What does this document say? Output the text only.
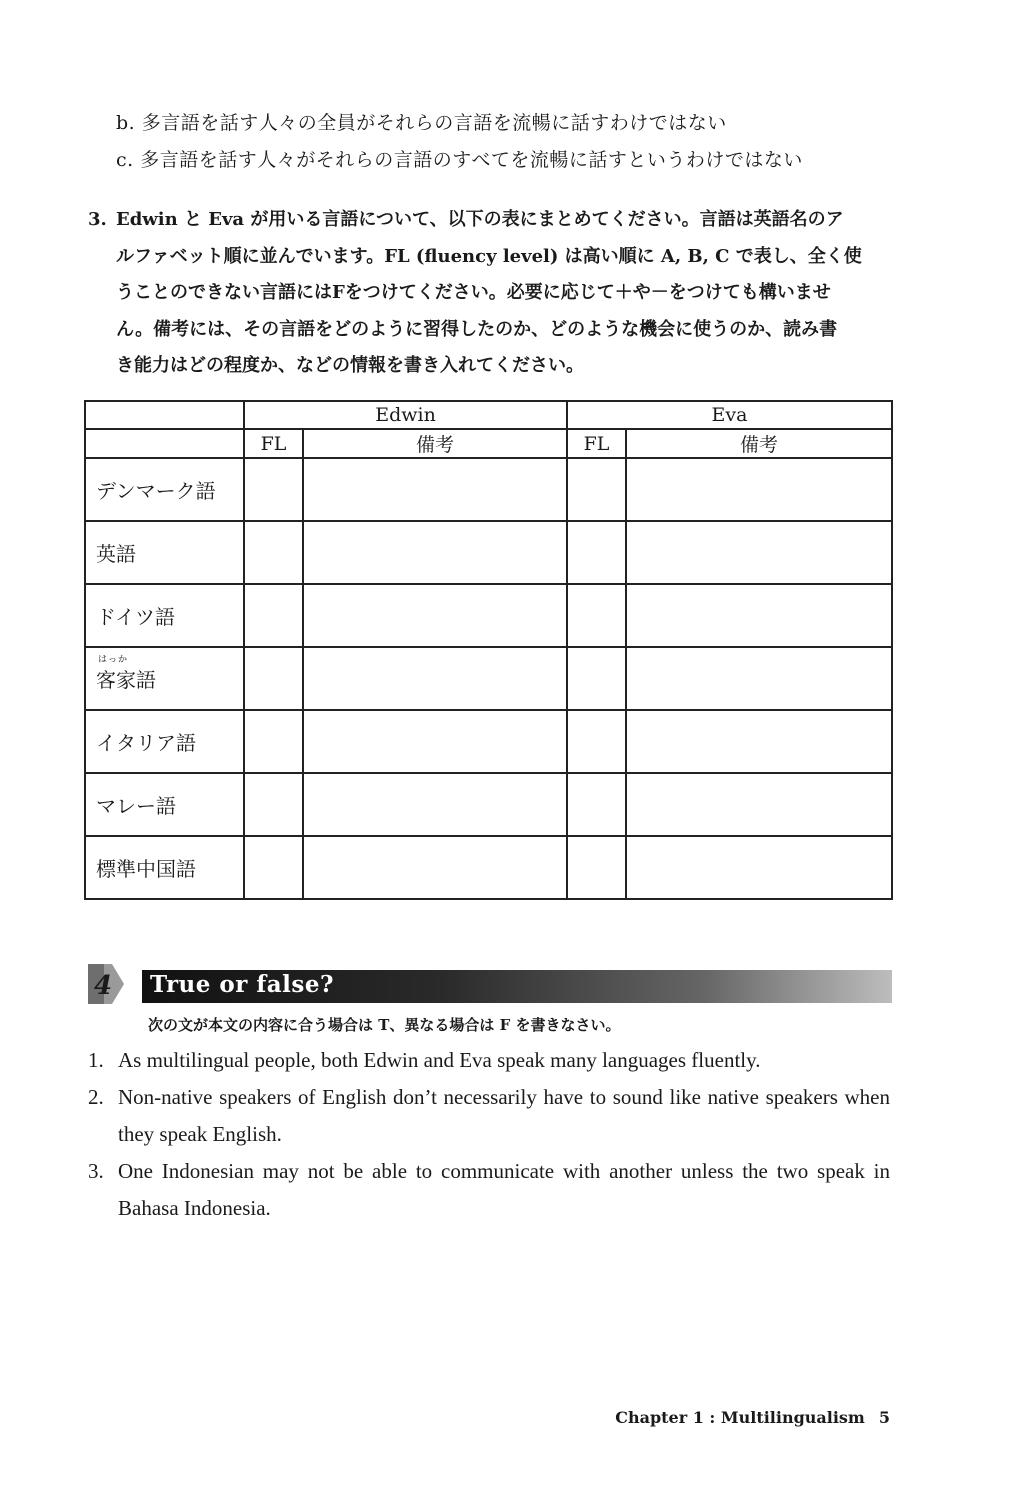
b. 多言語を話す人々の全員がそれらの言語を流暢に話すわけではない
c. 多言語を話す人々がそれらの言語のすべてを流暢に話すというわけではない
3. Edwin と Eva が用いる言語について、以下の表にまとめてください。言語は英語名のア
ルファベット順に並んでいます。FL (fluency level) は高い順に A, B, C で表し、全く使
うことのできない言語にはFをつけてください。必要に応じて＋や－をつけても構いませ
ん。備考には、その言語をどのように習得したのか、どのような機会に使うのか、読み書
き能力はどの程度か、などの情報を書き入れてください。
	Edwin		Eva	
	FL	備考	FL	備考
デンマーク語				
英語				
ドイツ語				

はっか
客家語				
イタリア語				
マレー語				
標準中国語				
4 True or false?
次の文が本文の内容に合う場合は T、異なる場合は F を書きなさい。
1. As multilingual people, both Edwin and Eva speak many languages fluently.
2. Non-native speakers of English don’t necessarily have to sound like native speakers when they speak English.
3. One Indonesian may not be able to communicate with another unless the two speak in Bahasa Indonesia.
Chapter 1 : Multilingualism 5
